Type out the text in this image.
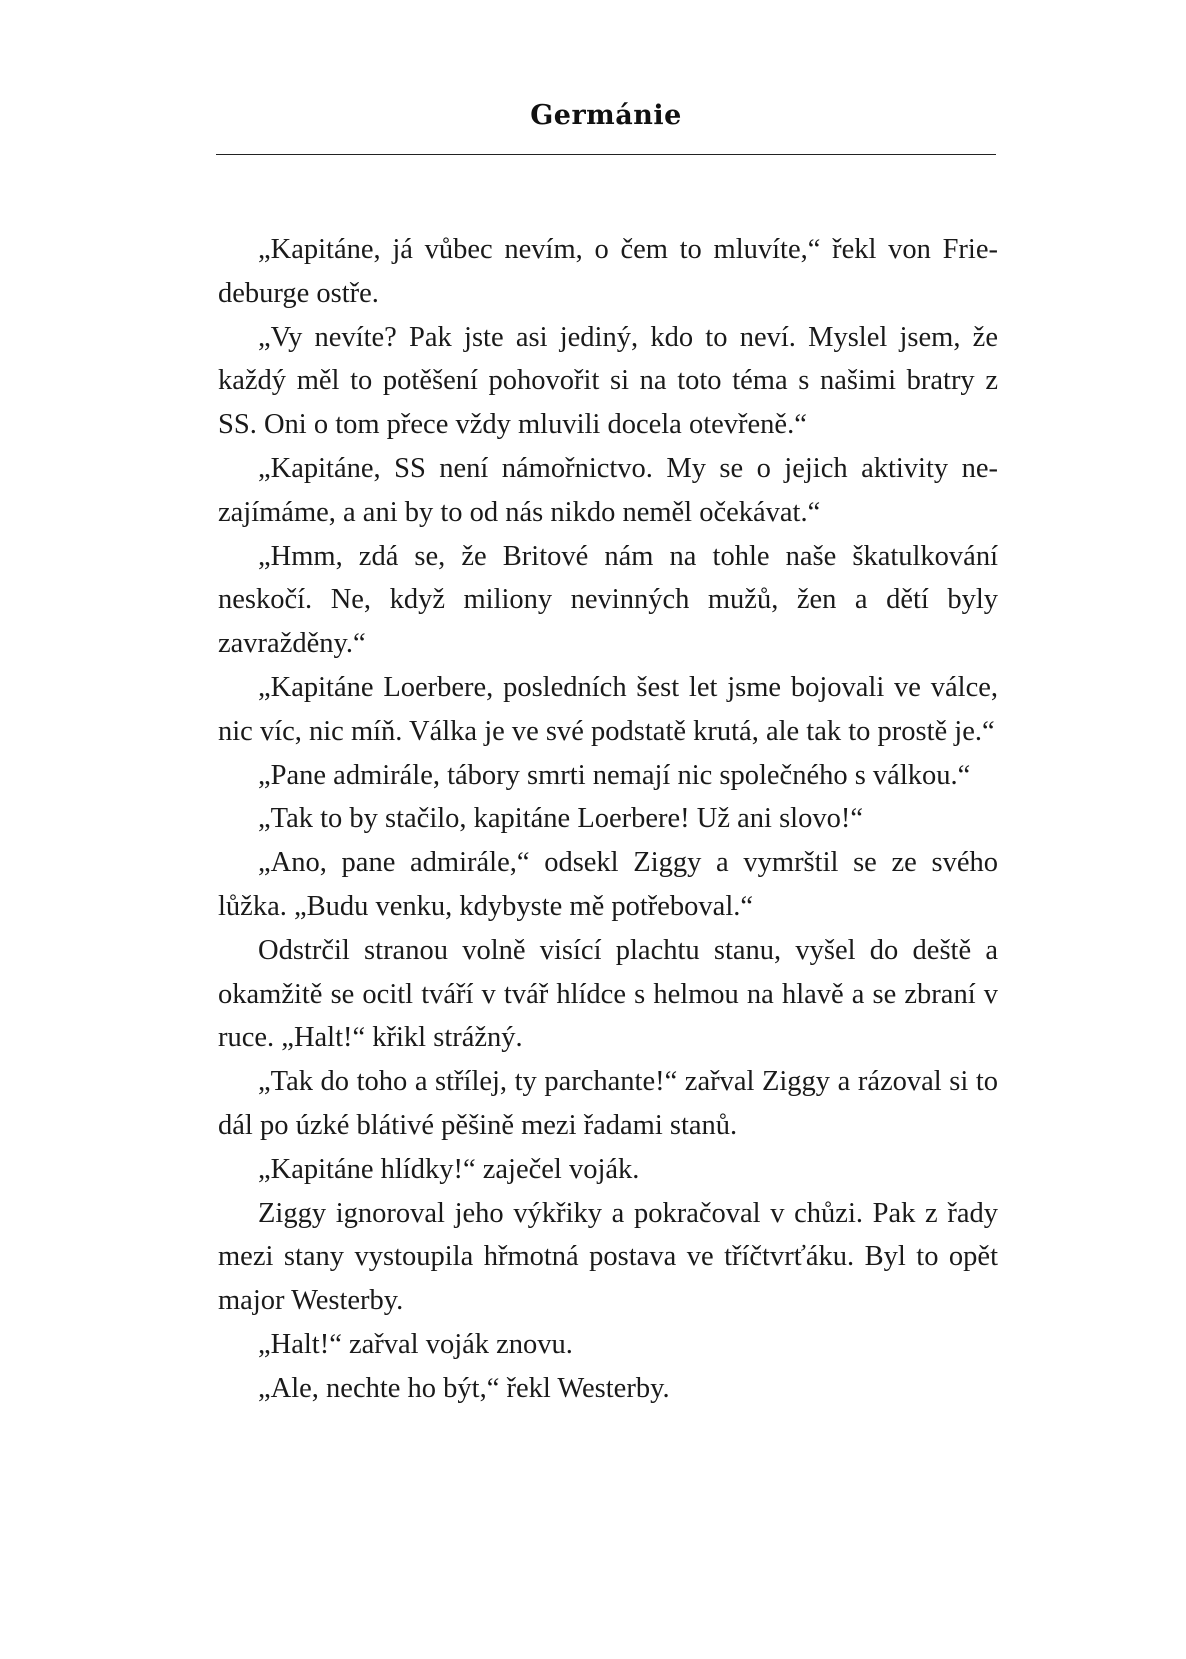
Germánie

„Kapitáne, já vůbec nevím, o čem to mluvíte,“ řekl von Friedeburge ostře.

„Vy nevíte? Pak jste asi jediný, kdo to neví. Myslel jsem, že každý měl to potěšení pohovořit si na toto téma s našimi bratry z SS. Oni o tom přece vždy mluvili docela otevřeně.“

„Kapitáne, SS není námořnictvo. My se o jejich aktivity nezajímáme, a ani by to od nás nikdo neměl očekávat.“

„Hmm, zdá se, že Britové nám na tohle naše škatulkování neskočí. Ne, když miliony nevinných mužů, žen a dětí byly zavražděny.“

„Kapitáne Loerbere, posledních šest let jsme bojovali ve válce, nic víc, nic míň. Válka je ve své podstatě krutá, ale tak to prostě je.“

„Pane admirále, tábory smrti nemají nic společného s válkou.“

„Tak to by stačilo, kapitáne Loerbere! Už ani slovo!“

„Ano, pane admirále,“ odsekl Ziggy a vymrštil se ze svého lůžka. „Budu venku, kdybyste mě potřeboval.“

Odstrčil stranou volně visící plachtu stanu, vyšel do deště a okamžitě se ocitl tváří v tvář hlídce s helmou na hlavě a se zbraní v ruce. „Halt!“ křikl strážný.

„Tak do toho a střílej, ty parchante!“ zařval Ziggy a rázoval si to dál po úzké blátivé pěšině mezi řadami stanů.

„Kapitáne hlídky!“ zaječel voják.

Ziggy ignoroval jeho výkřiky a pokračoval v chůzi. Pak z řady mezi stany vystoupila hřmotná postava ve tříčtvrťáku. Byl to opět major Westerby.

„Halt!“ zařval voják znovu.

„Ale, nechte ho být,“ řekl Westerby.
